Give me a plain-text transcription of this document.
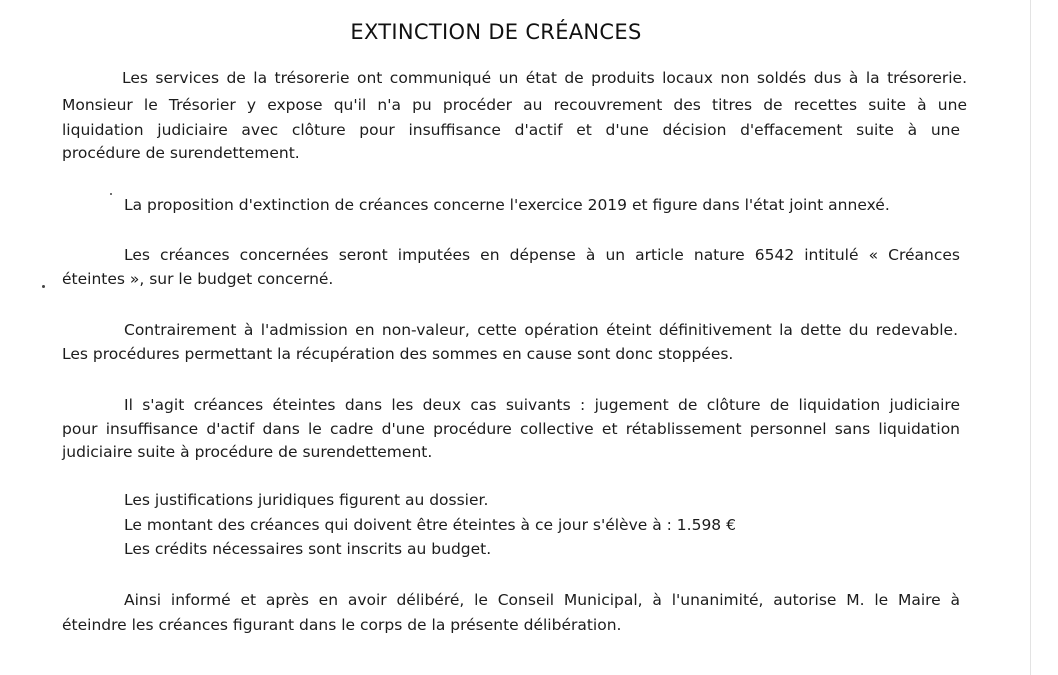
EXTINCTION DE CRÉANCES
Les services de la trésorerie ont communiqué un état de produits locaux non soldés dus à la trésorerie.
Monsieur le Trésorier y expose qu'il n'a pu procéder au recouvrement des titres de recettes suite à une
liquidation judiciaire avec clôture pour insuffisance d'actif et d'une décision d'effacement suite à une
procédure de surendettement.
La proposition d'extinction de créances concerne l'exercice 2019 et figure dans l'état joint annexé.
Les créances concernées seront imputées en dépense à un article nature 6542 intitulé « Créances
éteintes », sur le budget concerné.
Contrairement à l'admission en non-valeur, cette opération éteint définitivement la dette du redevable.
Les procédures permettant la récupération des sommes en cause sont donc stoppées.
Il s'agit créances éteintes dans les deux cas suivants : jugement de clôture de liquidation judiciaire
pour insuffisance d'actif dans le cadre d'une procédure collective et rétablissement personnel sans liquidation
judiciaire suite à procédure de surendettement.
Les justifications juridiques figurent au dossier.
Le montant des créances qui doivent être éteintes à ce jour s'élève à : 1.598 €
Les crédits nécessaires sont inscrits au budget.
Ainsi informé et après en avoir délibéré, le Conseil Municipal, à l'unanimité, autorise M. le Maire à
éteindre les créances figurant dans le corps de la présente délibération.
